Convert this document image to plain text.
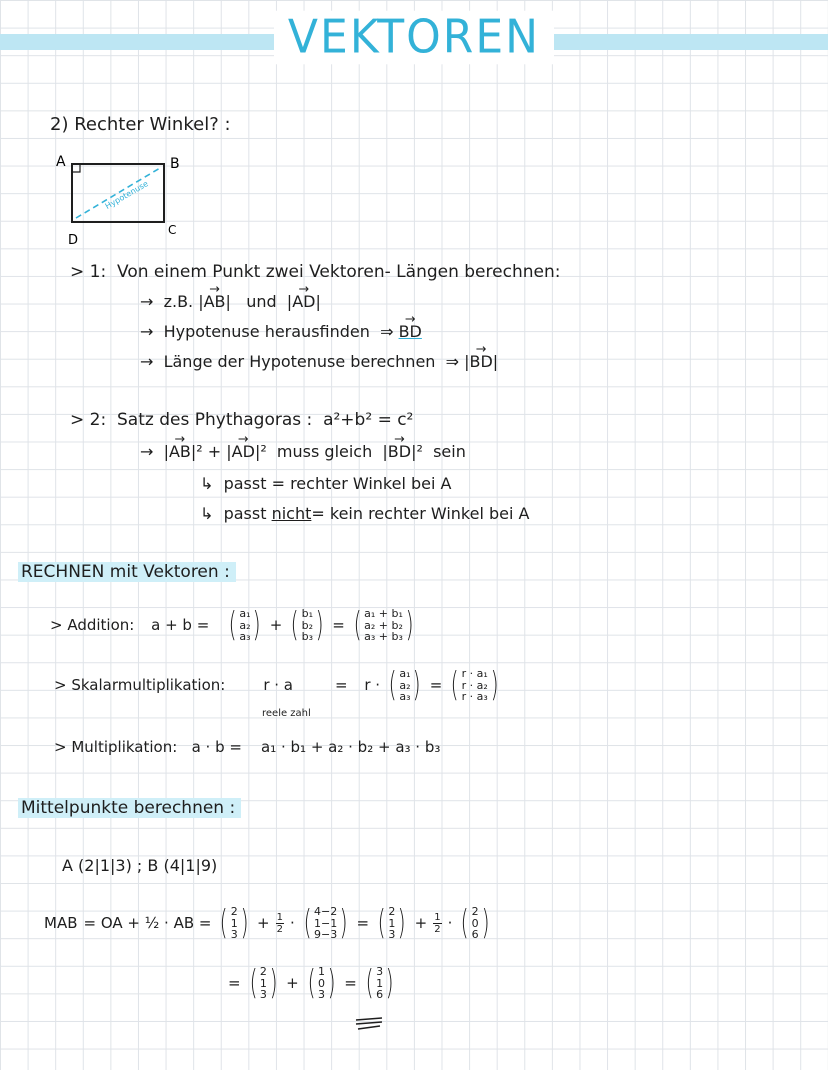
VEKTOREN
2) Rechter Winkel? :
A	B
C
D
Hypotenuse
> 1: Von einem Punkt zwei Vektoren- Längen berechnen:
→ z.B. |→ AB|   und  |→ AD|
→ Hypotenuse herausfinden ⇒ → BD
→ Länge der Hypotenuse berechnen ⇒ |→ BD|
> 2: Satz des Phythagoras : a²+b² = c²
→  |→ AB|² + |→ AD|²  muss gleich  |→ BD|²  sein
↳ passt = rechter Winkel bei A
↳ passt nicht= kein rechter Winkel bei A
RECHNEN mit Vektoren :
> Addition:
a + b =
( a₁
a₂
a₃ ) + ( b₁
b₂
b₃ ) = ( a₁ + b₁
a₂ + b₂
a₃ + b₃ )
> Skalarmultiplikation:	r · a	=
r · ( a₁
a₂
a₃ ) = ( r · a₁
r · a₂
r · a₃ )
reele zahl
> Multiplikation: a · b = a₁ · b₁ + a₂ · b₂ + a₃ · b₃
Mittelpunkte berechnen :
A (2|1|3) ; B (4|1|9)
MAB = OA + ½ · AB = ( 2
1
3 ) + $\frac{1}{2}$ · ( 4−2
1−1
9−3 ) = ( 2
1
3 ) + $\frac{1}{2}$ · ( 2
0
6 )
= ( 2
1
3 ) + ( 1
0
3 ) = ( 3
1
6 )
